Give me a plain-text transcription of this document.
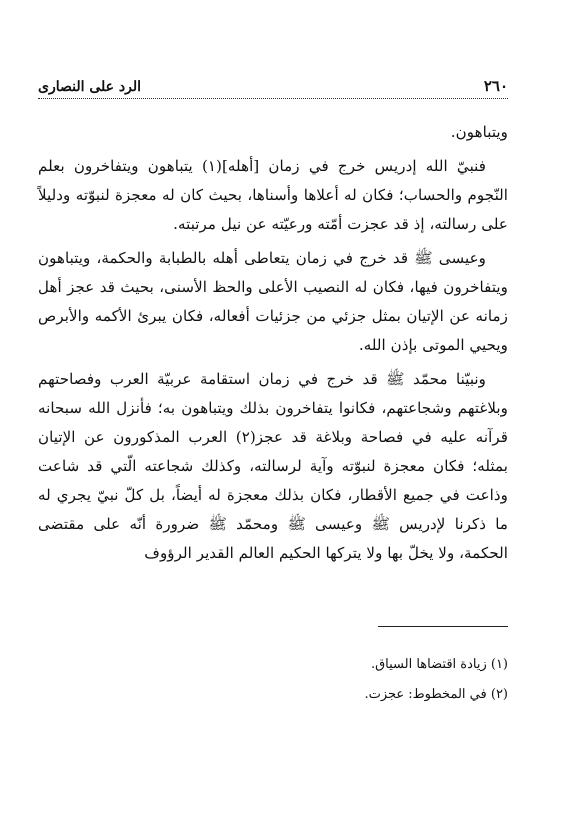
٢٦٠
الرد على النصارى

ويتباهون.

فنبيّ الله إدريس خرج في زمان [أهله](١) يتباهون ويتفاخرون بعلم النّجوم والحساب؛ فكان له أعلاها وأسناها، بحيث كان له معجزة لنبوّته ودليلاً على رسالته، إذ قد عجزت أمّته ورعيّته عن نيل مرتبته.

وعيسى ﷺ قد خرج في زمان يتعاطى أهله بالطبابة والحكمة، ويتباهون ويتفاخرون فيها، فكان له النصيب الأعلى والحظ الأسنى، بحيث قد عجز أهل زمانه عن الإتيان بمثل جزئي من جزئيات أفعاله، فكان يبرئ الأكمه والأبرص ويحيي الموتى بإذن الله.

ونبيّنا محمّد ﷺ قد خرج في زمان استقامة عربيّة العرب وفصاحتهم وبلاغتهم وشجاعتهم، فكانوا يتفاخرون بذلك ويتباهون به؛ فأنزل الله سبحانه قرآنه عليه في فصاحة وبلاغة قد عجز(٢) العرب المذكورون عن الإتيان بمثله؛ فكان معجزة لنبوّته وآية لرسالته، وكذلك شجاعته الّتي قد شاعت وذاعت في جميع الأقطار، فكان بذلك معجزة له أيضاً، بل كلّ نبيّ يجري له ما ذكرنا لإدريس ﷺ وعيسى ﷺ ومحمّد ﷺ ضرورة أنّه على مقتضى الحكمة، ولا يخلّ بها ولا يتركها الحكيم العالم القدير الرؤوف

(١) زيادة اقتضاها السياق.

(٢) في المخطوط: عجزت.
